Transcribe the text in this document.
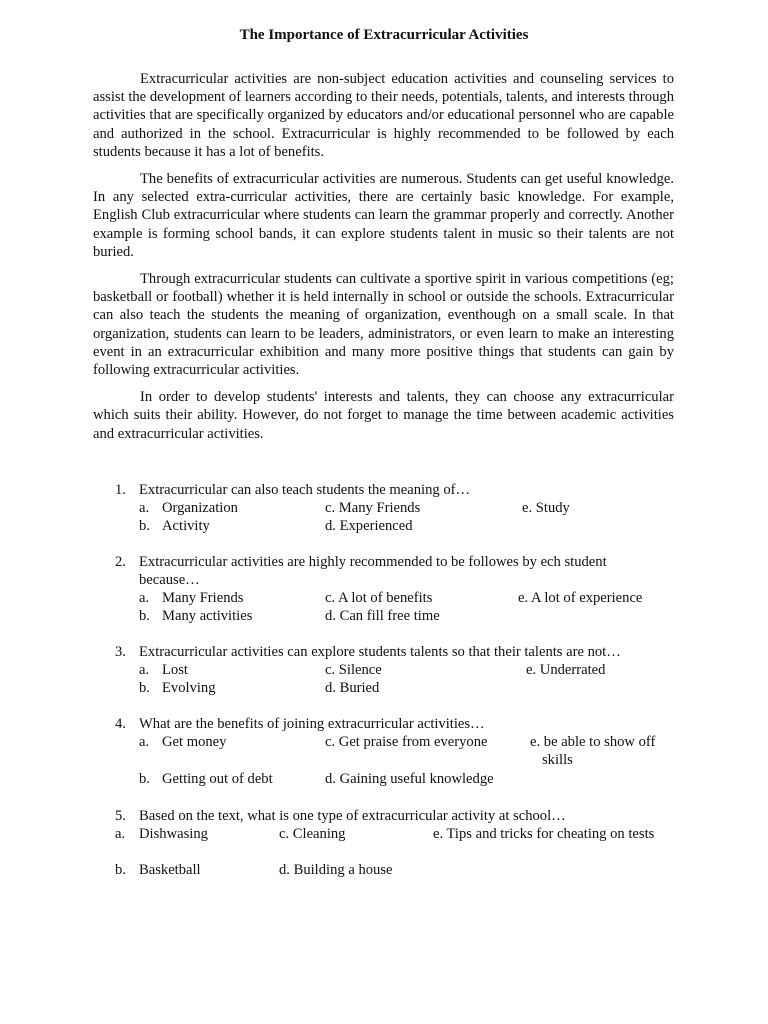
The Importance of Extracurricular Activities

Extracurricular activities are non-subject education activities and counseling services to assist the development of learners according to their needs, potentials, talents, and interests through activities that are specifically organized by educators and/or educational personnel who are capable and authorized in the school. Extracurricular is highly recommended to be followed by each students because it has a lot of benefits.

The benefits of extracurricular activities are numerous. Students can get useful knowledge. In any selected extra-curricular activities, there are certainly basic knowledge. For example, English Club extracurricular where students can learn the grammar properly and correctly. Another example is forming school bands, it can explore students talent in music so their talents are not buried.

Through extracurricular students can cultivate a sportive spirit in various competitions (eg; basketball or football) whether it is held internally in school or outside the schools. Extracurricular can also teach the students the meaning of organization, eventhough on a small scale. In that organization, students can learn to be leaders, administrators, or even learn to make an interesting event in an extracurricular exhibition and many more positive things that students can gain by following extracurricular activities.

In order to develop students' interests and talents, they can choose any extracurricular which suits their ability. However, do not forget to manage the time between academic activities and extracurricular activities.

1. Extracurricular can also teach students the meaning of…
a. Organization	c. Many Friends	e. Study
b. Activity	d. Experienced
2. Extracurricular activities are highly recommended to be followes by ech student because…
a. Many Friends	c. A lot of benefits	e. A lot of experience
b. Many activities	d. Can fill free time
3. Extracurricular activities can explore students talents so that their talents are not…
a. Lost	c. Silence	e. Underrated
b. Evolving	d. Buried
4. What are the benefits of joining extracurricular activities…
a. Get money	c. Get praise from everyone	e. be able to show off skills
b. Getting out of debt	d. Gaining useful knowledge
5. Based on the text, what is one type of extracurricular activity at school…
a. Dishwasing	c. Cleaning	e. Tips and tricks for cheating on tests
b. Basketball	d. Building a house
